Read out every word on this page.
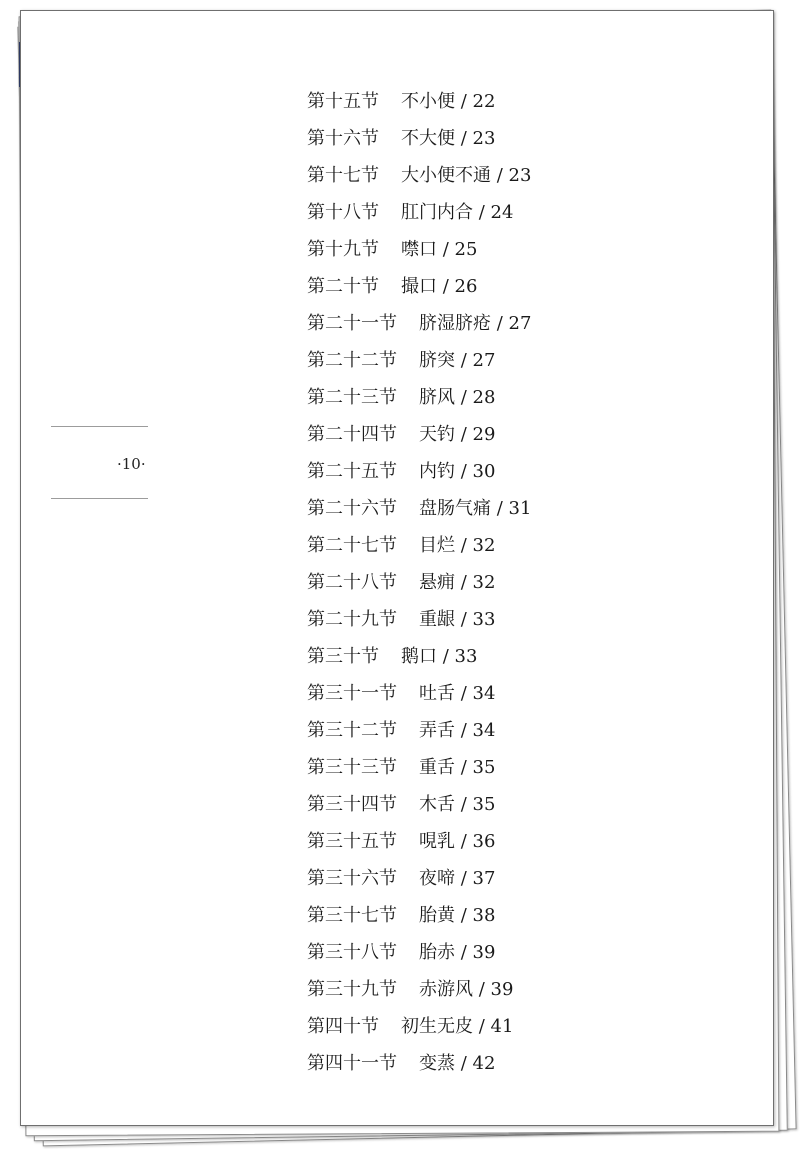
·10·
第十五节 不小便 / 22
第十六节 不大便 / 23
第十七节 大小便不通 / 23
第十八节 肛门内合 / 24
第十九节 噤口 / 25
第二十节 撮口 / 26
第二十一节 脐湿脐疮 / 27
第二十二节 脐突 / 27
第二十三节 脐风 / 28
第二十四节 天钓 / 29
第二十五节 内钓 / 30
第二十六节 盘肠气痛 / 31
第二十七节 目烂 / 32
第二十八节 悬痈 / 32
第二十九节 重龈 / 33
第三十节 鹅口 / 33
第三十一节 吐舌 / 34
第三十二节 弄舌 / 34
第三十三节 重舌 / 35
第三十四节 木舌 / 35
第三十五节 哯乳 / 36
第三十六节 夜啼 / 37
第三十七节 胎黄 / 38
第三十八节 胎赤 / 39
第三十九节 赤游风 / 39
第四十节 初生无皮 / 41
第四十一节 变蒸 / 42
